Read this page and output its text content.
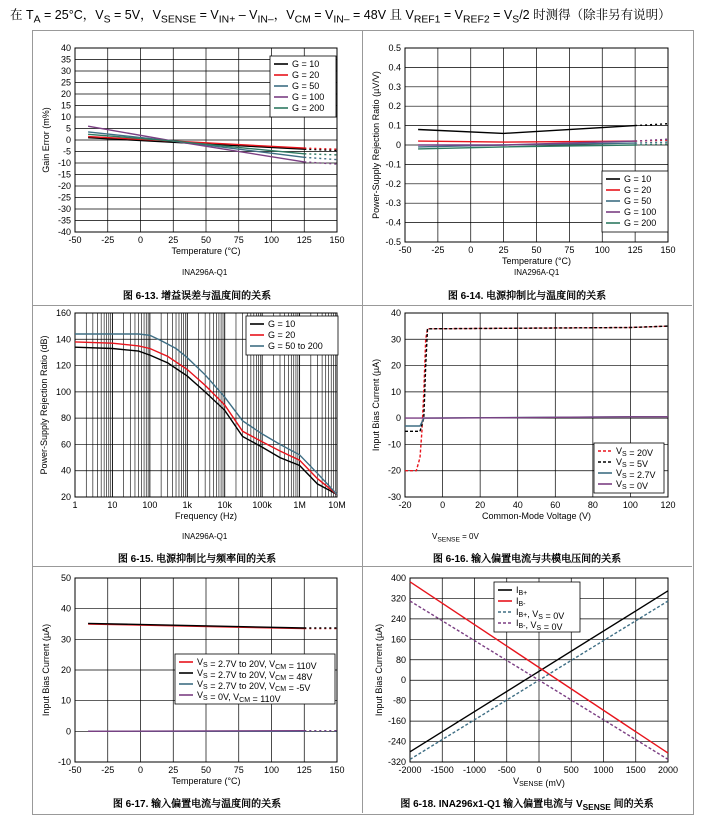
在 $T_A = 25^\circ C$，$V_S = 5V$，$V_{SENSE} = V_{IN+} - V_{IN-}$，$V_{CM} = V_{IN-} = 48V$ 且 $V_{REF1} = V_{REF2} = V_S/2$ 时测得（除非另有说明）
-50 -25	0	25	50	75 100 125 150
-40
-35
-30
-25
-20
-15
-10
-5
0
5
10
15
20
25
30
35
40
Temperature (°C)
Gain Error (m%)
G = 10
G = 20
G = 50
G = 100
G = 200
-50 -25	0	25	50	75 100 125 150
-0.5
-0.4
-0.3
-0.2
-0.1
0
0.1
0.2
0.3
0.4
0.5
Temperature (°C)
Power-Supply Rejection Ratio (µV/V)	G = 10
G = 20
G = 50
G = 100
G = 200
1	10	100	1k	10k 100k 1M 10M
20
40
60
80
100
120
140
160
Frequency (Hz)
Power-Supply Rejection Ratio (dB)
G = 10
G = 20
G = 50 to 200
-20	0	20	40	60	80	100	120
-30
-20
-10
0
10
20
30
40
Common-Mode Voltage (V)
Input Bias Current (µA)	$V_S = 20V$
$V_S = 5V$
$V_S = 2.7V$
$V_S = 0V$
-50 -25	0	25	50	75 100 125 150
-10
0
10
20
30
40
50
Temperature (°C)
Input Bias Current (µA)	$V_S = 2.7V$ to 20V, $V_{CM} = 110V$
$V_S = 2.7V$ to 20V, $V_{CM} = 48V$
$V_S = 2.7V$ to 20V, $V_{CM} = -5V$
$V_S = 0V$, $V_{CM} = 110V$
-2000 -1500 -1000 -500 0 500 1000 1500 2000
-320
-240
-160
-80
0
80
160
240
320
400
$V_{SENSE}$ (mV)
Input Bias Current (µA)
$I_{B+}$
$I_{B-}$
$I_{B+}$, $V_S = 0V$
$I_{B-}$, $V_S = 0V$
INA296A-Q1	INA296A-Q1
INA296A-Q1	$V_{SENSE} = 0V$
图 6-13. 增益误差与温度间的关系	图 6-14. 电源抑制比与温度间的关系
图 6-15. 电源抑制比与频率间的关系	图 6-16. 输入偏置电流与共模电压间的关系
图 6-17. 输入偏置电流与温度间的关系	图 6-18. INA296x1-Q1 输入偏置电流与 $V_{SENSE}$ 间的关系
